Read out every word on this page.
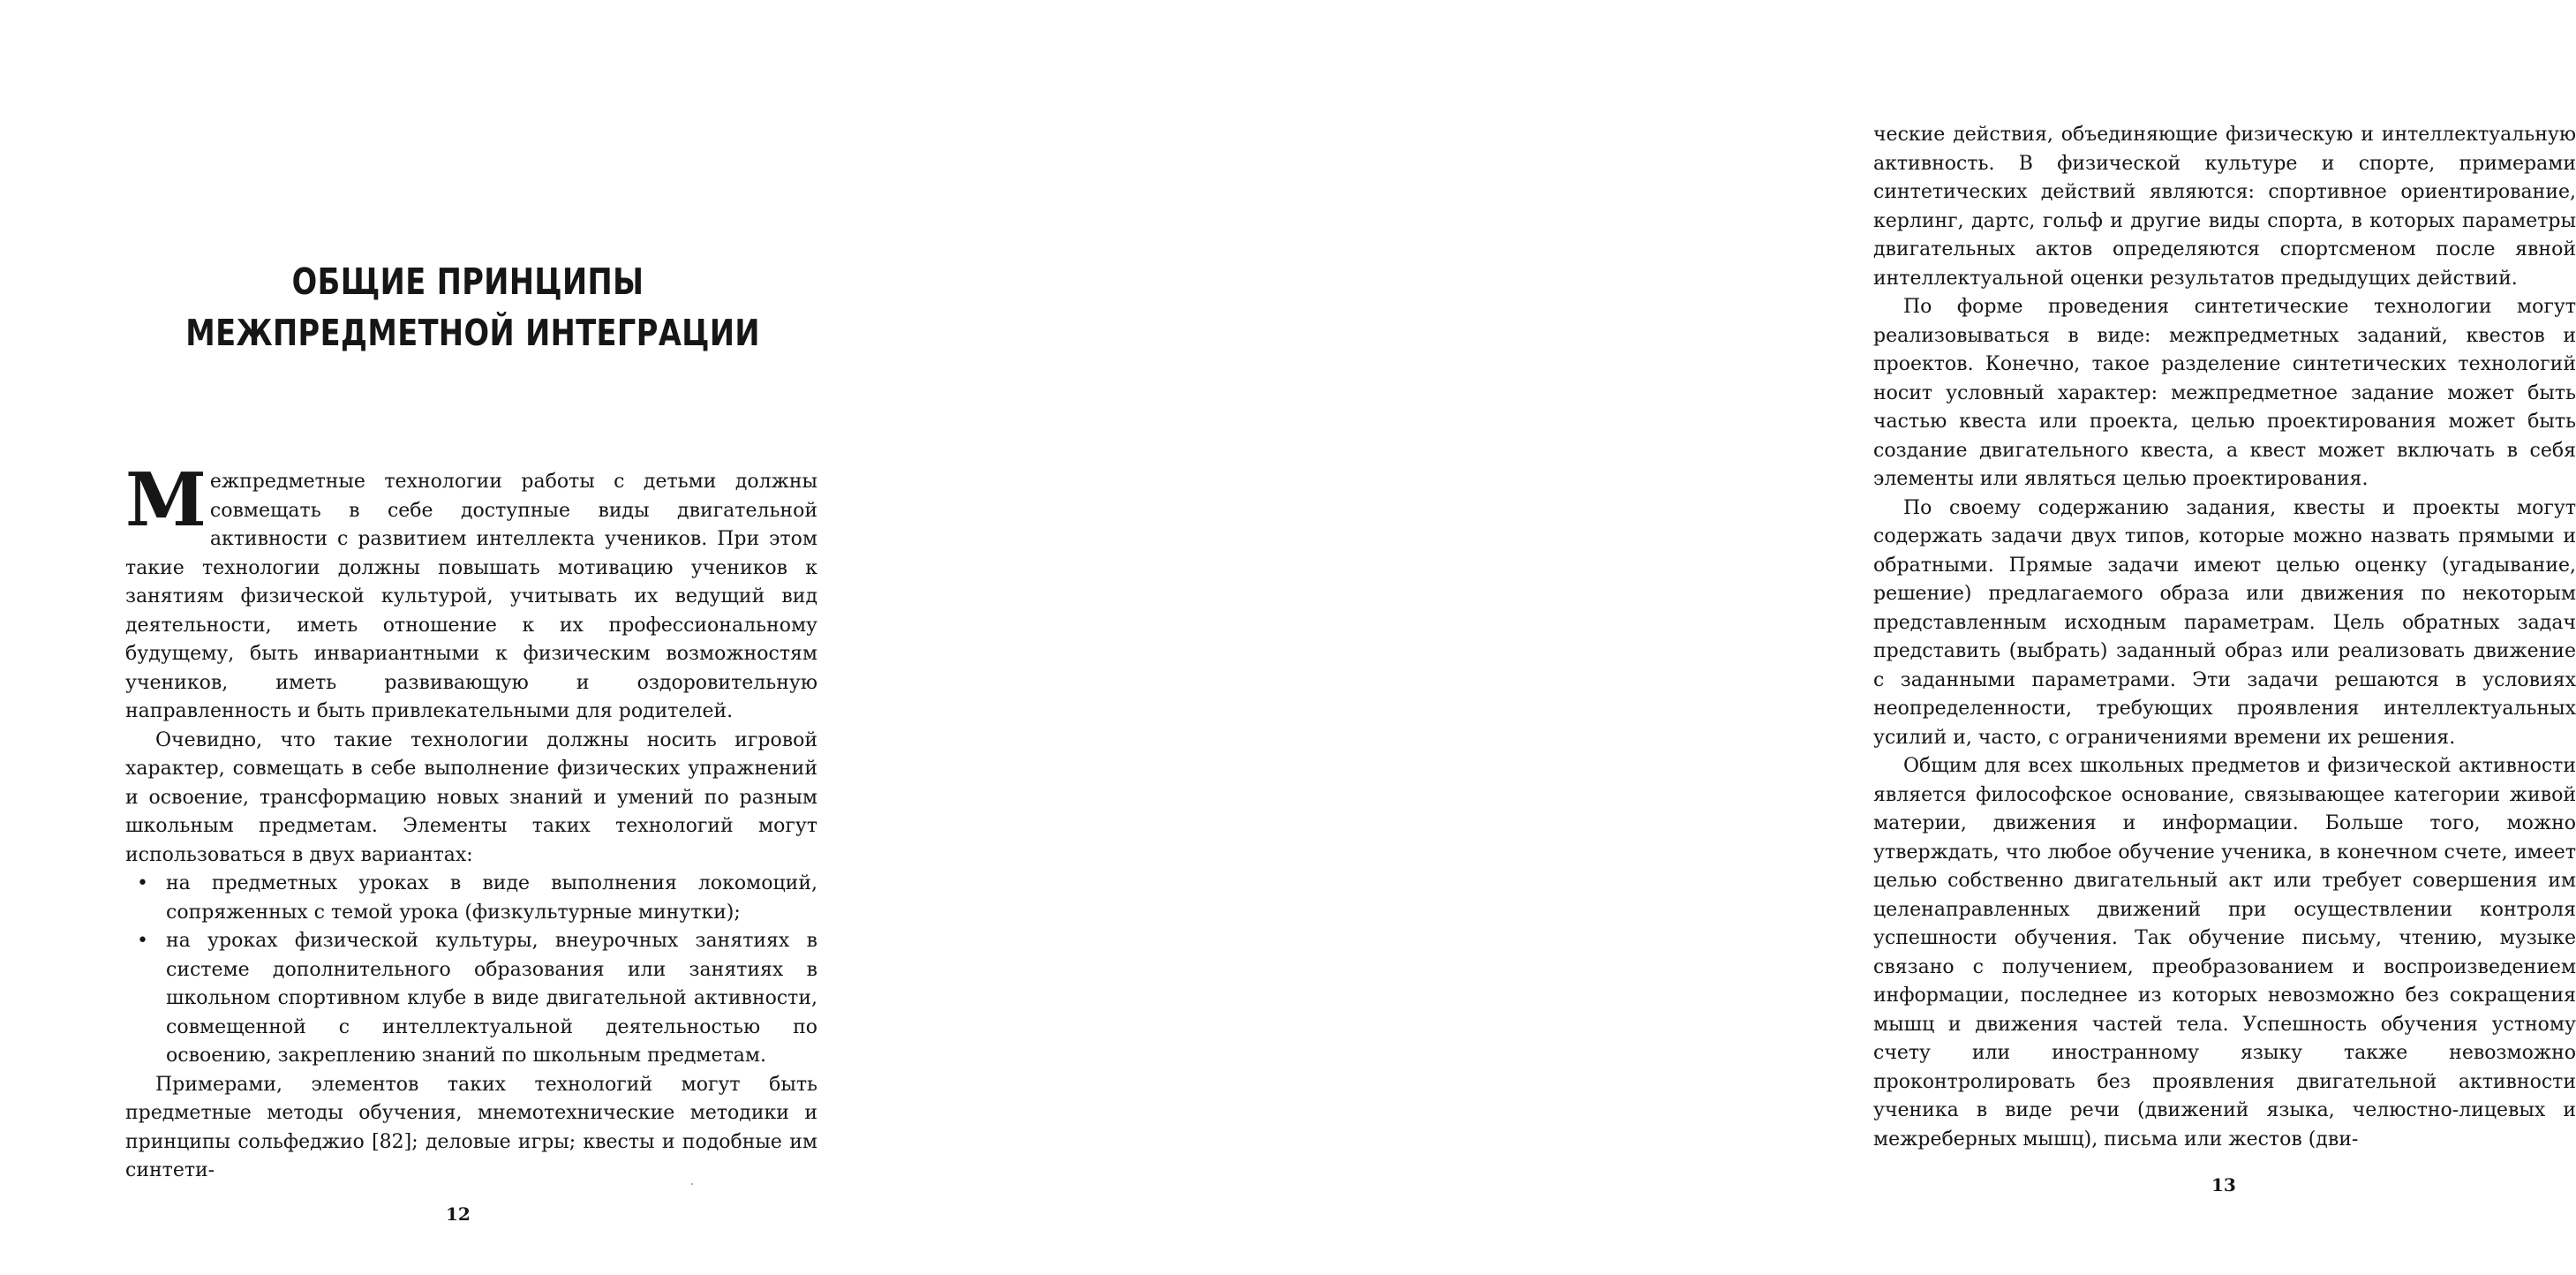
ОБЩИЕ ПРИНЦИПЫ
МЕЖПРЕДМЕТНОЙ ИНТЕГРАЦИИ

Межпредметные технологии работы с детьми должны совмещать в себе доступные виды двигательной активности с развитием интеллекта учеников. При этом такие технологии должны повышать мотивацию учеников к занятиям физической культурой, учитывать их ведущий вид деятельности, иметь отношение к их профессиональному будущему, быть инвариантными к физическим возможностям учеников, иметь развивающую и оздоровительную направленность и быть привлекательными для родителей.

Очевидно, что такие технологии должны носить игровой характер, совмещать в себе выполнение физических упражнений и освоение, трансформацию новых знаний и умений по разным школьным предметам. Элементы таких технологий могут использоваться в двух вариантах:

• на предметных уроках в виде выполнения локомоций, сопряженных с темой урока (физкультурные минутки);
• на уроках физической культуры, внеурочных занятиях в системе дополнительного образования или занятиях в школьном спортивном клубе в виде двигательной активности, совмещенной с интеллектуальной деятельностью по освоению, закреплению знаний по школьным предметам.

Примерами, элементов таких технологий могут быть предметные методы обучения, мнемотехнические методики и принципы сольфеджио [82]; деловые игры; квесты и подобные им синтети-

12

ческие действия, объединяющие физическую и интеллектуальную активность. В физической культуре и спорте, примерами синтетических действий являются: спортивное ориентирование, керлинг, дартс, гольф и другие виды спорта, в которых параметры двигательных актов определяются спортсменом после явной интеллектуальной оценки результатов предыдущих действий.

По форме проведения синтетические технологии могут реализовываться в виде: межпредметных заданий, квестов и проектов. Конечно, такое разделение синтетических технологий носит условный характер: межпредметное задание может быть частью квеста или проекта, целью проектирования может быть создание двигательного квеста, а квест может включать в себя элементы или являться целью проектирования.

По своему содержанию задания, квесты и проекты могут содержать задачи двух типов, которые можно назвать прямыми и обратными. Прямые задачи имеют целью оценку (угадывание, решение) предлагаемого образа или движения по некоторым представленным исходным параметрам. Цель обратных задач представить (выбрать) заданный образ или реализовать движение с заданными параметрами. Эти задачи решаются в условиях неопределенности, требующих проявления интеллектуальных усилий и, часто, с ограничениями времени их решения.

Общим для всех школьных предметов и физической активности является философское основание, связывающее категории живой материи, движения и информации. Больше того, можно утверждать, что любое обучение ученика, в конечном счете, имеет целью собственно двигательный акт или требует совершения им целенаправленных движений при осуществлении контроля успешности обучения. Так обучение письму, чтению, музыке связано с получением, преобразованием и воспроизведением информации, последнее из которых невозможно без сокращения мышц и движения частей тела. Успешность обучения устному счету или иностранному языку также невозможно проконтролировать без проявления двигательной активности ученика в виде речи (движений языка, челюстно-лицевых и межреберных мышц), письма или жестов (дви-

13
